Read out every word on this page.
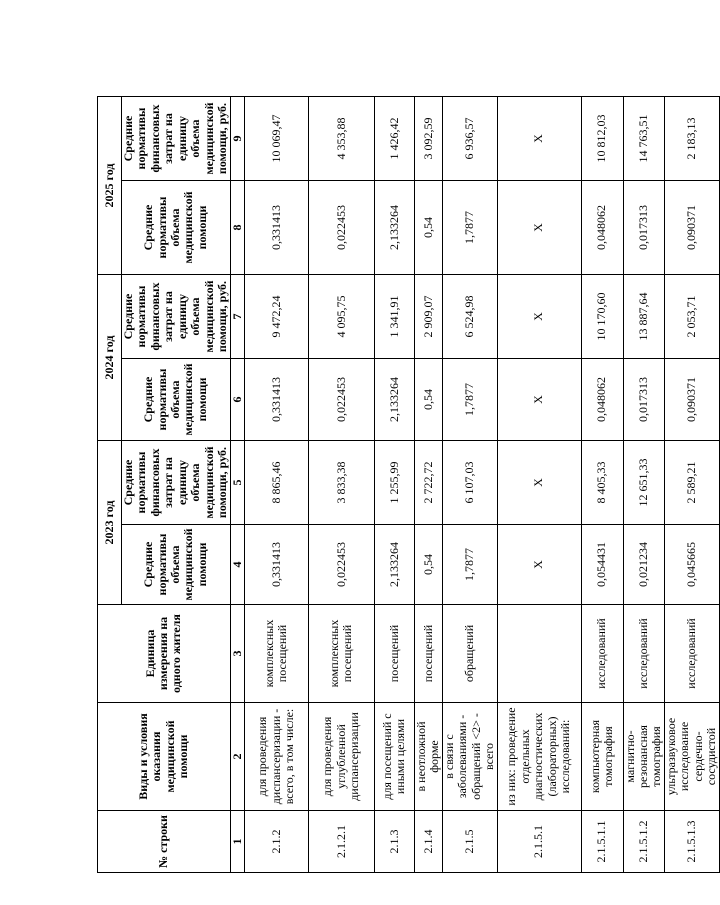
№ строки	Виды и условия оказания медицинской помощи	Единица измерения на одного жителя	2023 год		2024 год		2025 год	
			Средние нормативы объема медицинской помощи	Средние нормативы финансовых затрат на единицу объема медицинской помощи, руб.	Средние нормативы объема медицинской помощи	Средние нормативы финансовых затрат на единицу объема медицинской помощи, руб.	Средние нормативы объема медицинской помощи	Средние нормативы финансовых затрат на единицу объема медицинской помощи, руб.
1	2	3	4	5	6	7	8	9
2.1.2	для проведения диспансеризации - всего, в том числе:	комплексных посещений	0,331413	8 865,46	0,331413	9 472,24	0,331413	10 069,47
2.1.2.1	для проведения углубленной диспансеризации	комплексных посещений	0,022453	3 833,38	0,022453	4 095,75	0,022453	4 353,88
2.1.3	для посещений с иными целями	посещений	2,133264	1 255,99	2,133264	1 341,91	2,133264	1 426,42
2.1.4	в неотложной форме	посещений	0,54	2 722,72	0,54	2 909,07	0,54	3 092,59
2.1.5	в связи с заболеваниями - обращений <2> - всего	обращений	1,7877	6 107,03	1,7877	6 524,98	1,7877	6 936,57
2.1.5.1	из них: проведение отдельных диагностических (лабораторных) исследований:		X	X	X	X	X	X
2.1.5.1.1	компьютерная томография	исследований	0,054431	8 405,33	0,048062	10 170,60	0,048062	10 812,03
2.1.5.1.2	магнитно-резонансная томография	исследований	0,021234	12 651,33	0,017313	13 887,64	0,017313	14 763,51
2.1.5.1.3	ультразвуковое исследование сердечно-сосудистой	исследований	0,045665	2 589,21	0,090371	2 053,71	0,090371	2 183,13
